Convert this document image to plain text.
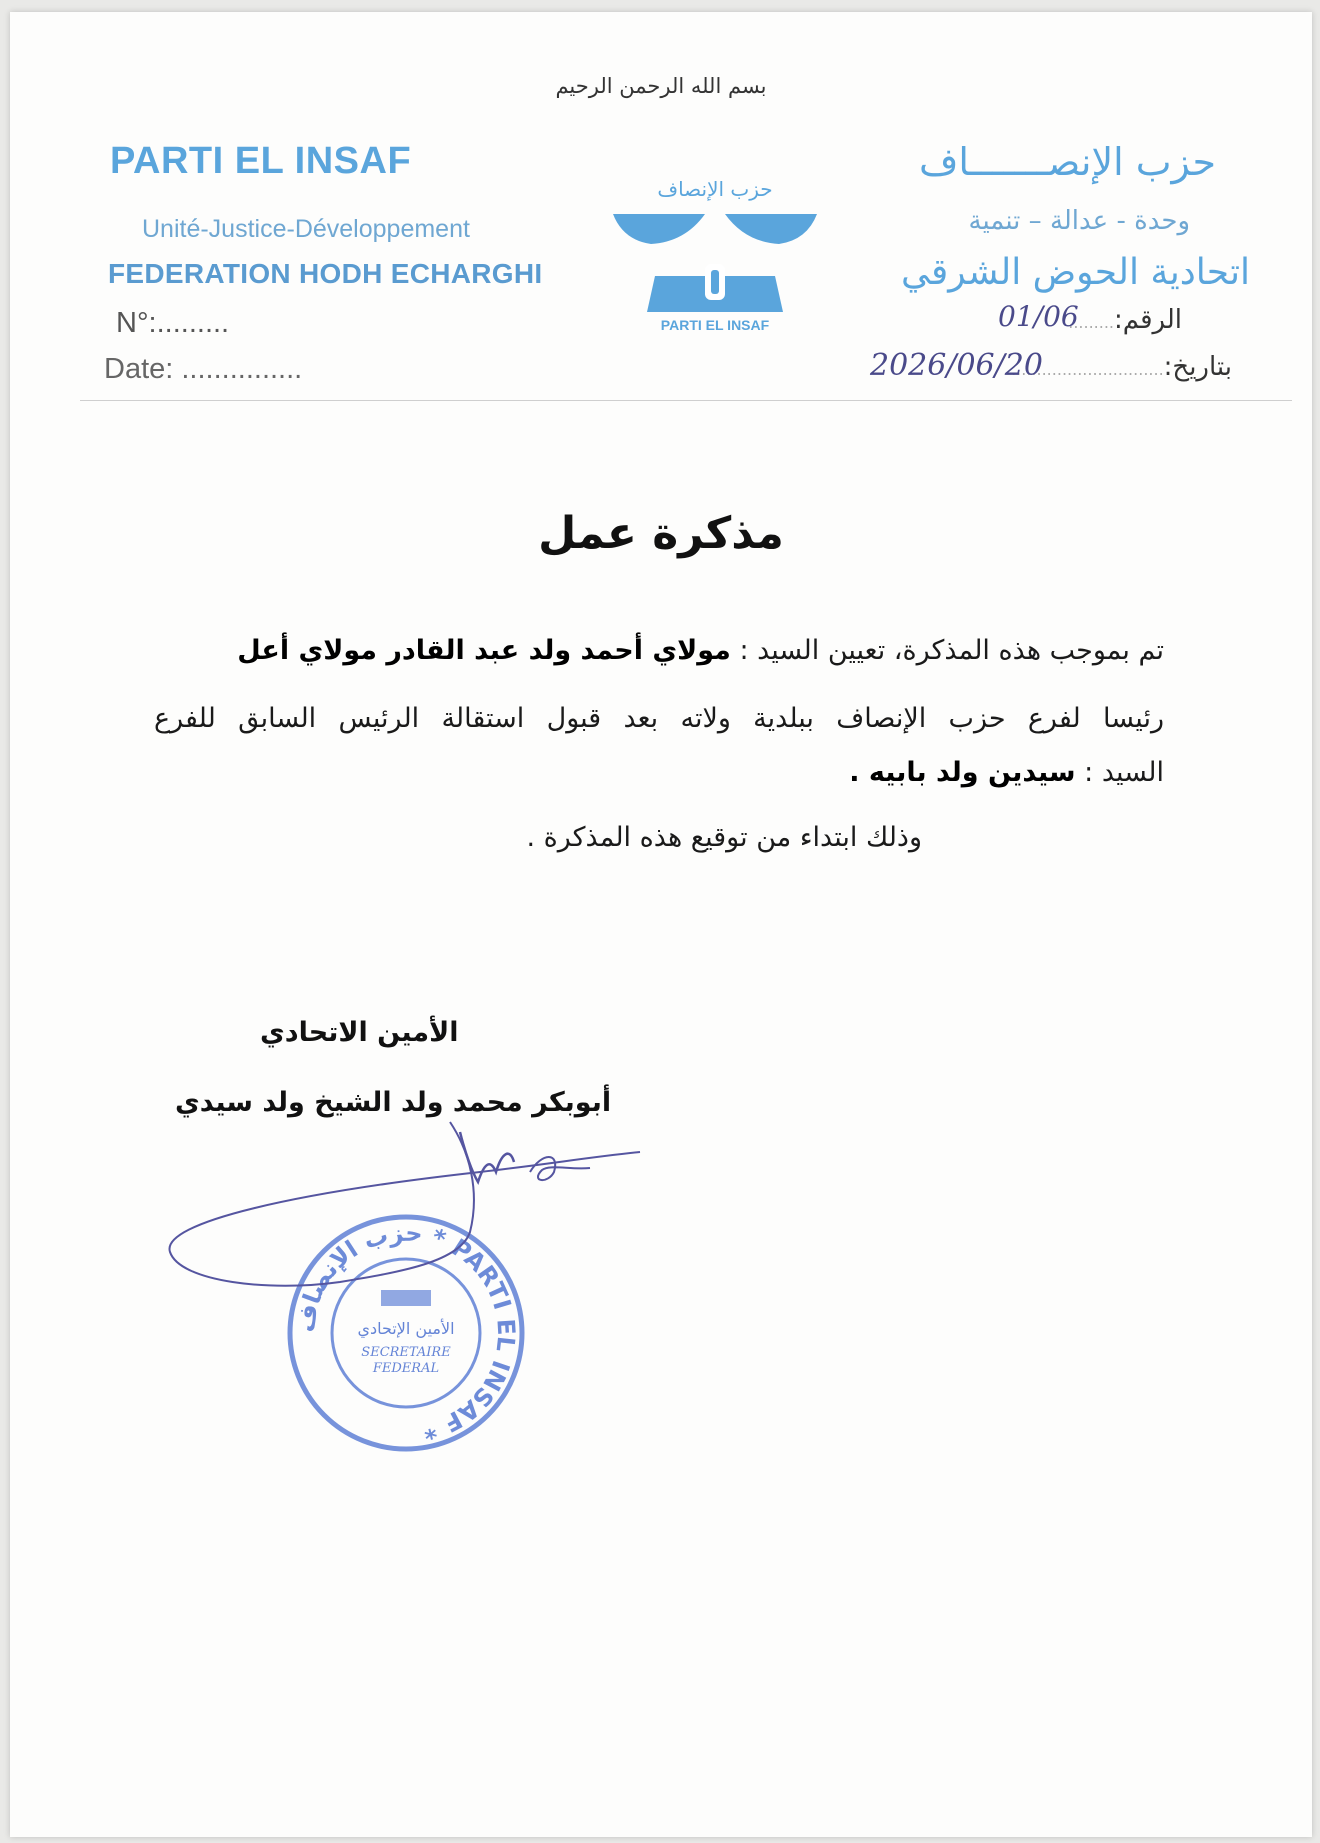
بسم الله الرحمن الرحيم
PARTI EL INSAF
Unité-Justice-Développement
FEDERATION HODH ECHARGHI
N°:.........
Date: ...............
حزب الإنصاف
PARTI EL INSAF
حزب الإنصـــــــاف
وحدة - عدالة – تنمية
اتحادية الحوض الشرقي
الرقم:.........
بتاريخ:..............................
01/06
2026/06/20
مذكرة عمل
تم بموجب هذه المذكرة، تعيين السيد : مولاي أحمد ولد عبد القادر مولاي أعل
رئيسا لفرع حزب الإنصاف ببلدية ولاته بعد قبول استقالة الرئيس السابق للفرع
السيد : سيدين ولد بابيه .
وذلك ابتداء من توقيع هذه المذكرة .
الأمين الاتحادي
أبوبكر محمد ولد الشيخ ولد سيدي
حزب الإنصاف * PARTI EL INSAF *
الأمين الإتحادي
SECRETAIRE
FEDERAL
